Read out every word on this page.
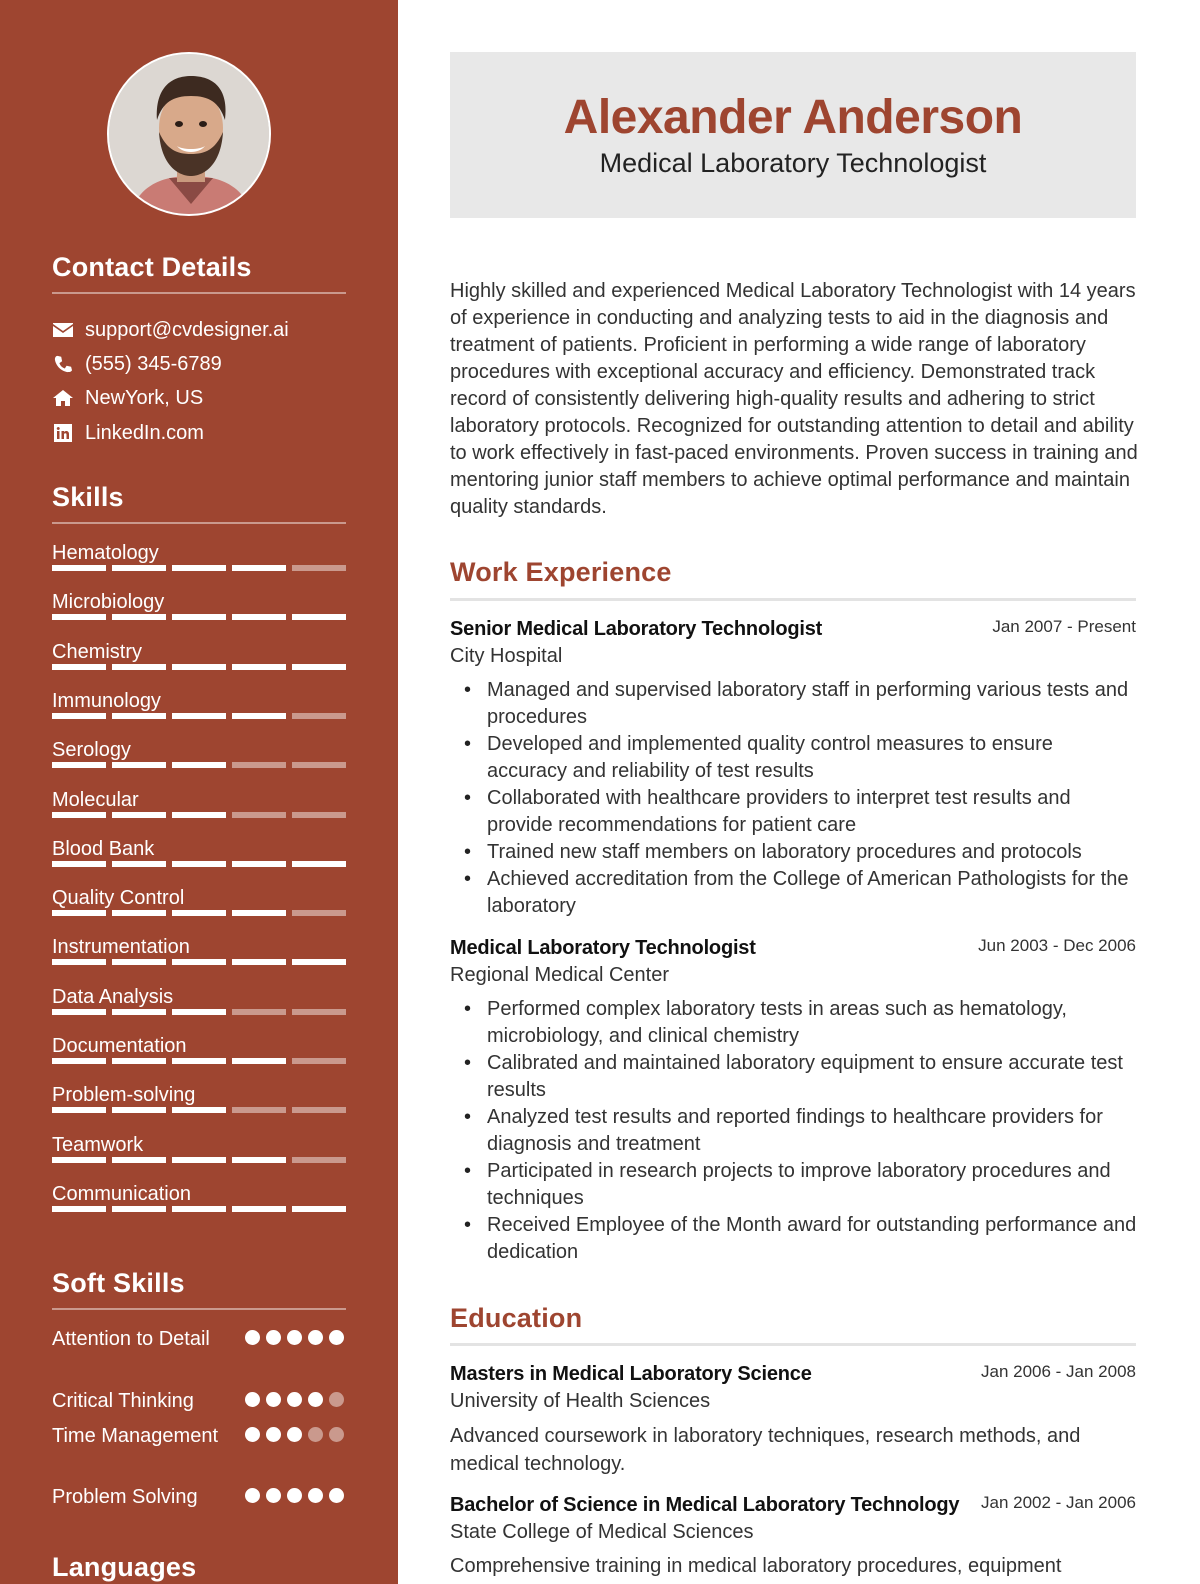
Contact Details
support@cvdesigner.ai
(555) 345-6789
NewYork, US
LinkedIn.com
Skills
Hematology
Microbiology
Chemistry
Immunology
Serology
Molecular
Blood Bank
Quality Control
Instrumentation
Data Analysis
Documentation
Problem-solving
Teamwork
Communication
Soft Skills
Attention to Detail
Critical Thinking
Time Management
Problem Solving
Languages
Alexander Anderson
Medical Laboratory Technologist
Highly skilled and experienced Medical Laboratory Technologist with 14 years of experience in conducting and analyzing tests to aid in the diagnosis and treatment of patients. Proficient in performing a wide range of laboratory procedures with exceptional accuracy and efficiency. Demonstrated track record of consistently delivering high-quality results and adhering to strict laboratory protocols. Recognized for outstanding attention to detail and ability to work effectively in fast-paced environments. Proven success in training and mentoring junior staff members to achieve optimal performance and maintain quality standards.
Work Experience
Senior Medical Laboratory Technologist	Jan 2007 - Present
City Hospital
• Managed and supervised laboratory staff in performing various tests and procedures
• Developed and implemented quality control measures to ensure accuracy and reliability of test results
• Collaborated with healthcare providers to interpret test results and provide recommendations for patient care
• Trained new staff members on laboratory procedures and protocols
• Achieved accreditation from the College of American Pathologists for the laboratory
Medical Laboratory Technologist	Jun 2003 - Dec 2006
Regional Medical Center
• Performed complex laboratory tests in areas such as hematology, microbiology, and clinical chemistry
• Calibrated and maintained laboratory equipment to ensure accurate test results
• Analyzed test results and reported findings to healthcare providers for diagnosis and treatment
• Participated in research projects to improve laboratory procedures and techniques
• Received Employee of the Month award for outstanding performance and dedication
Education
Masters in Medical Laboratory Science	Jan 2006 - Jan 2008
University of Health Sciences
Advanced coursework in laboratory techniques, research methods, and medical technology.
Bachelor of Science in Medical Laboratory Technology Jan 2002 - Jan 2006
State College of Medical Sciences
Comprehensive training in medical laboratory procedures, equipment
